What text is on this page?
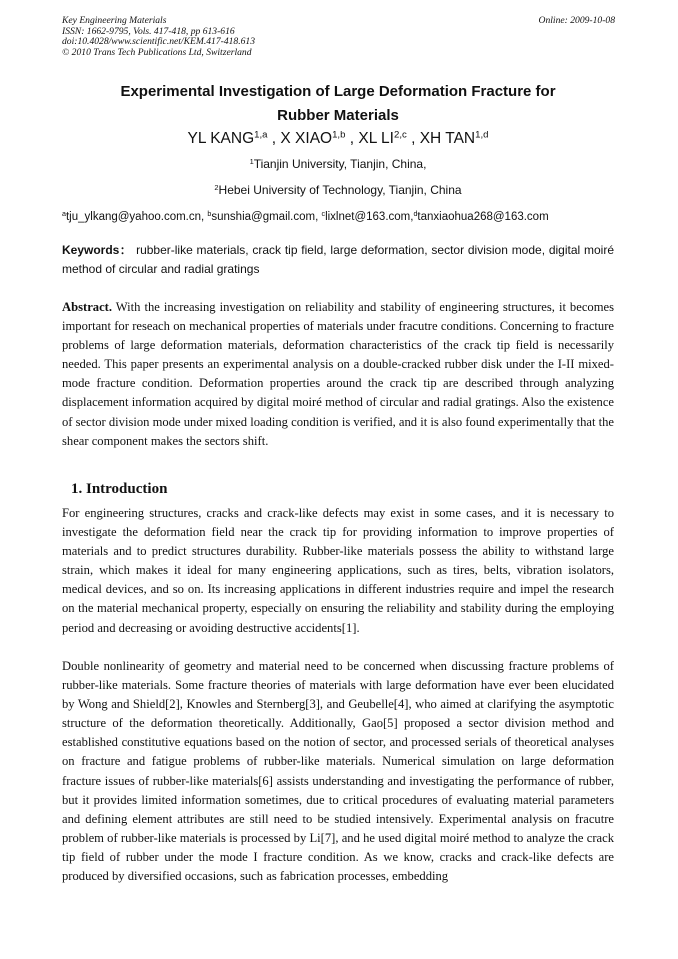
Key Engineering Materials
ISSN: 1662-9795, Vols. 417-418, pp 613-616
doi:10.4028/www.scientific.net/KEM.417-418.613
© 2010 Trans Tech Publications Ltd, Switzerland
Online: 2009-10-08
Experimental Investigation of Large Deformation Fracture for
Rubber Materials
YL KANG$^{1,a}$ , X XIAO$^{1,b}$ , XL LI$^{2,c}$ , XH TAN$^{1,d}$
$^1$Tianjin University, Tianjin, China,
$^2$Hebei University of Technology, Tianjin, China
$^a$tju_ylkang@yahoo.com.cn, $^b$sunshia@gmail.com, $^c$lixlnet@163.com,$^d$tanxiaohua268@163.com
Keywords： rubber-like materials, crack tip field, large deformation, sector division mode, digital moiré method of circular and radial gratings
Abstract. With the increasing investigation on reliability and stability of engineering structures, it becomes important for reseach on mechanical properties of materials under fracutre conditions. Concerning to fracture problems of large deformation materials, deformation characteristics of the crack tip field is necessarily needed. This paper presents an experimental analysis on a double-cracked rubber disk under the I-II mixed-mode fracture condition. Deformation properties around the crack tip are described through analyzing displacement information acquired by digital moiré method of circular and radial gratings. Also the existence of sector division mode under mixed loading condition is verified, and it is also found experimentally that the shear component makes the sectors shift.
1. Introduction
For engineering structures, cracks and crack-like defects may exist in some cases, and it is necessary to investigate the deformation field near the crack tip for providing information to improve properties of materials and to predict structures durability. Rubber-like materials possess the ability to withstand large strain, which makes it ideal for many engineering applications, such as tires, belts, vibration isolators, medical devices, and so on. Its increasing applications in different industries require and impel the research on the material mechanical property, especially on ensuring the reliability and stability during the employing period and decreasing or avoiding destructive accidents[1].
Double nonlinearity of geometry and material need to be concerned when discussing fracture problems of rubber-like materials. Some fracture theories of materials with large deformation have ever been elucidated by Wong and Shield[2], Knowles and Sternberg[3], and Geubelle[4], who aimed at clarifying the asymptotic structure of the deformation theoretically. Additionally, Gao[5] proposed a sector division method and established constitutive equations based on the notion of sector, and processed serials of theoretical analyses on fracture and fatigue problems of rubber-like materials. Numerical simulation on large deformation fracture issues of rubber-like materials[6] assists understanding and investigating the performance of rubber, but it provides limited information sometimes, due to critical procedures of evaluating material parameters and defining element attributes are still need to be studied intensively. Experimental analysis on fracutre problem of rubber-like materials is processed by Li[7], and he used digital moiré method to analyze the crack tip field of rubber under the mode I fracture condition. As we know, cracks and crack-like defects are produced by diversified occasions, such as fabrication processes, embedding
